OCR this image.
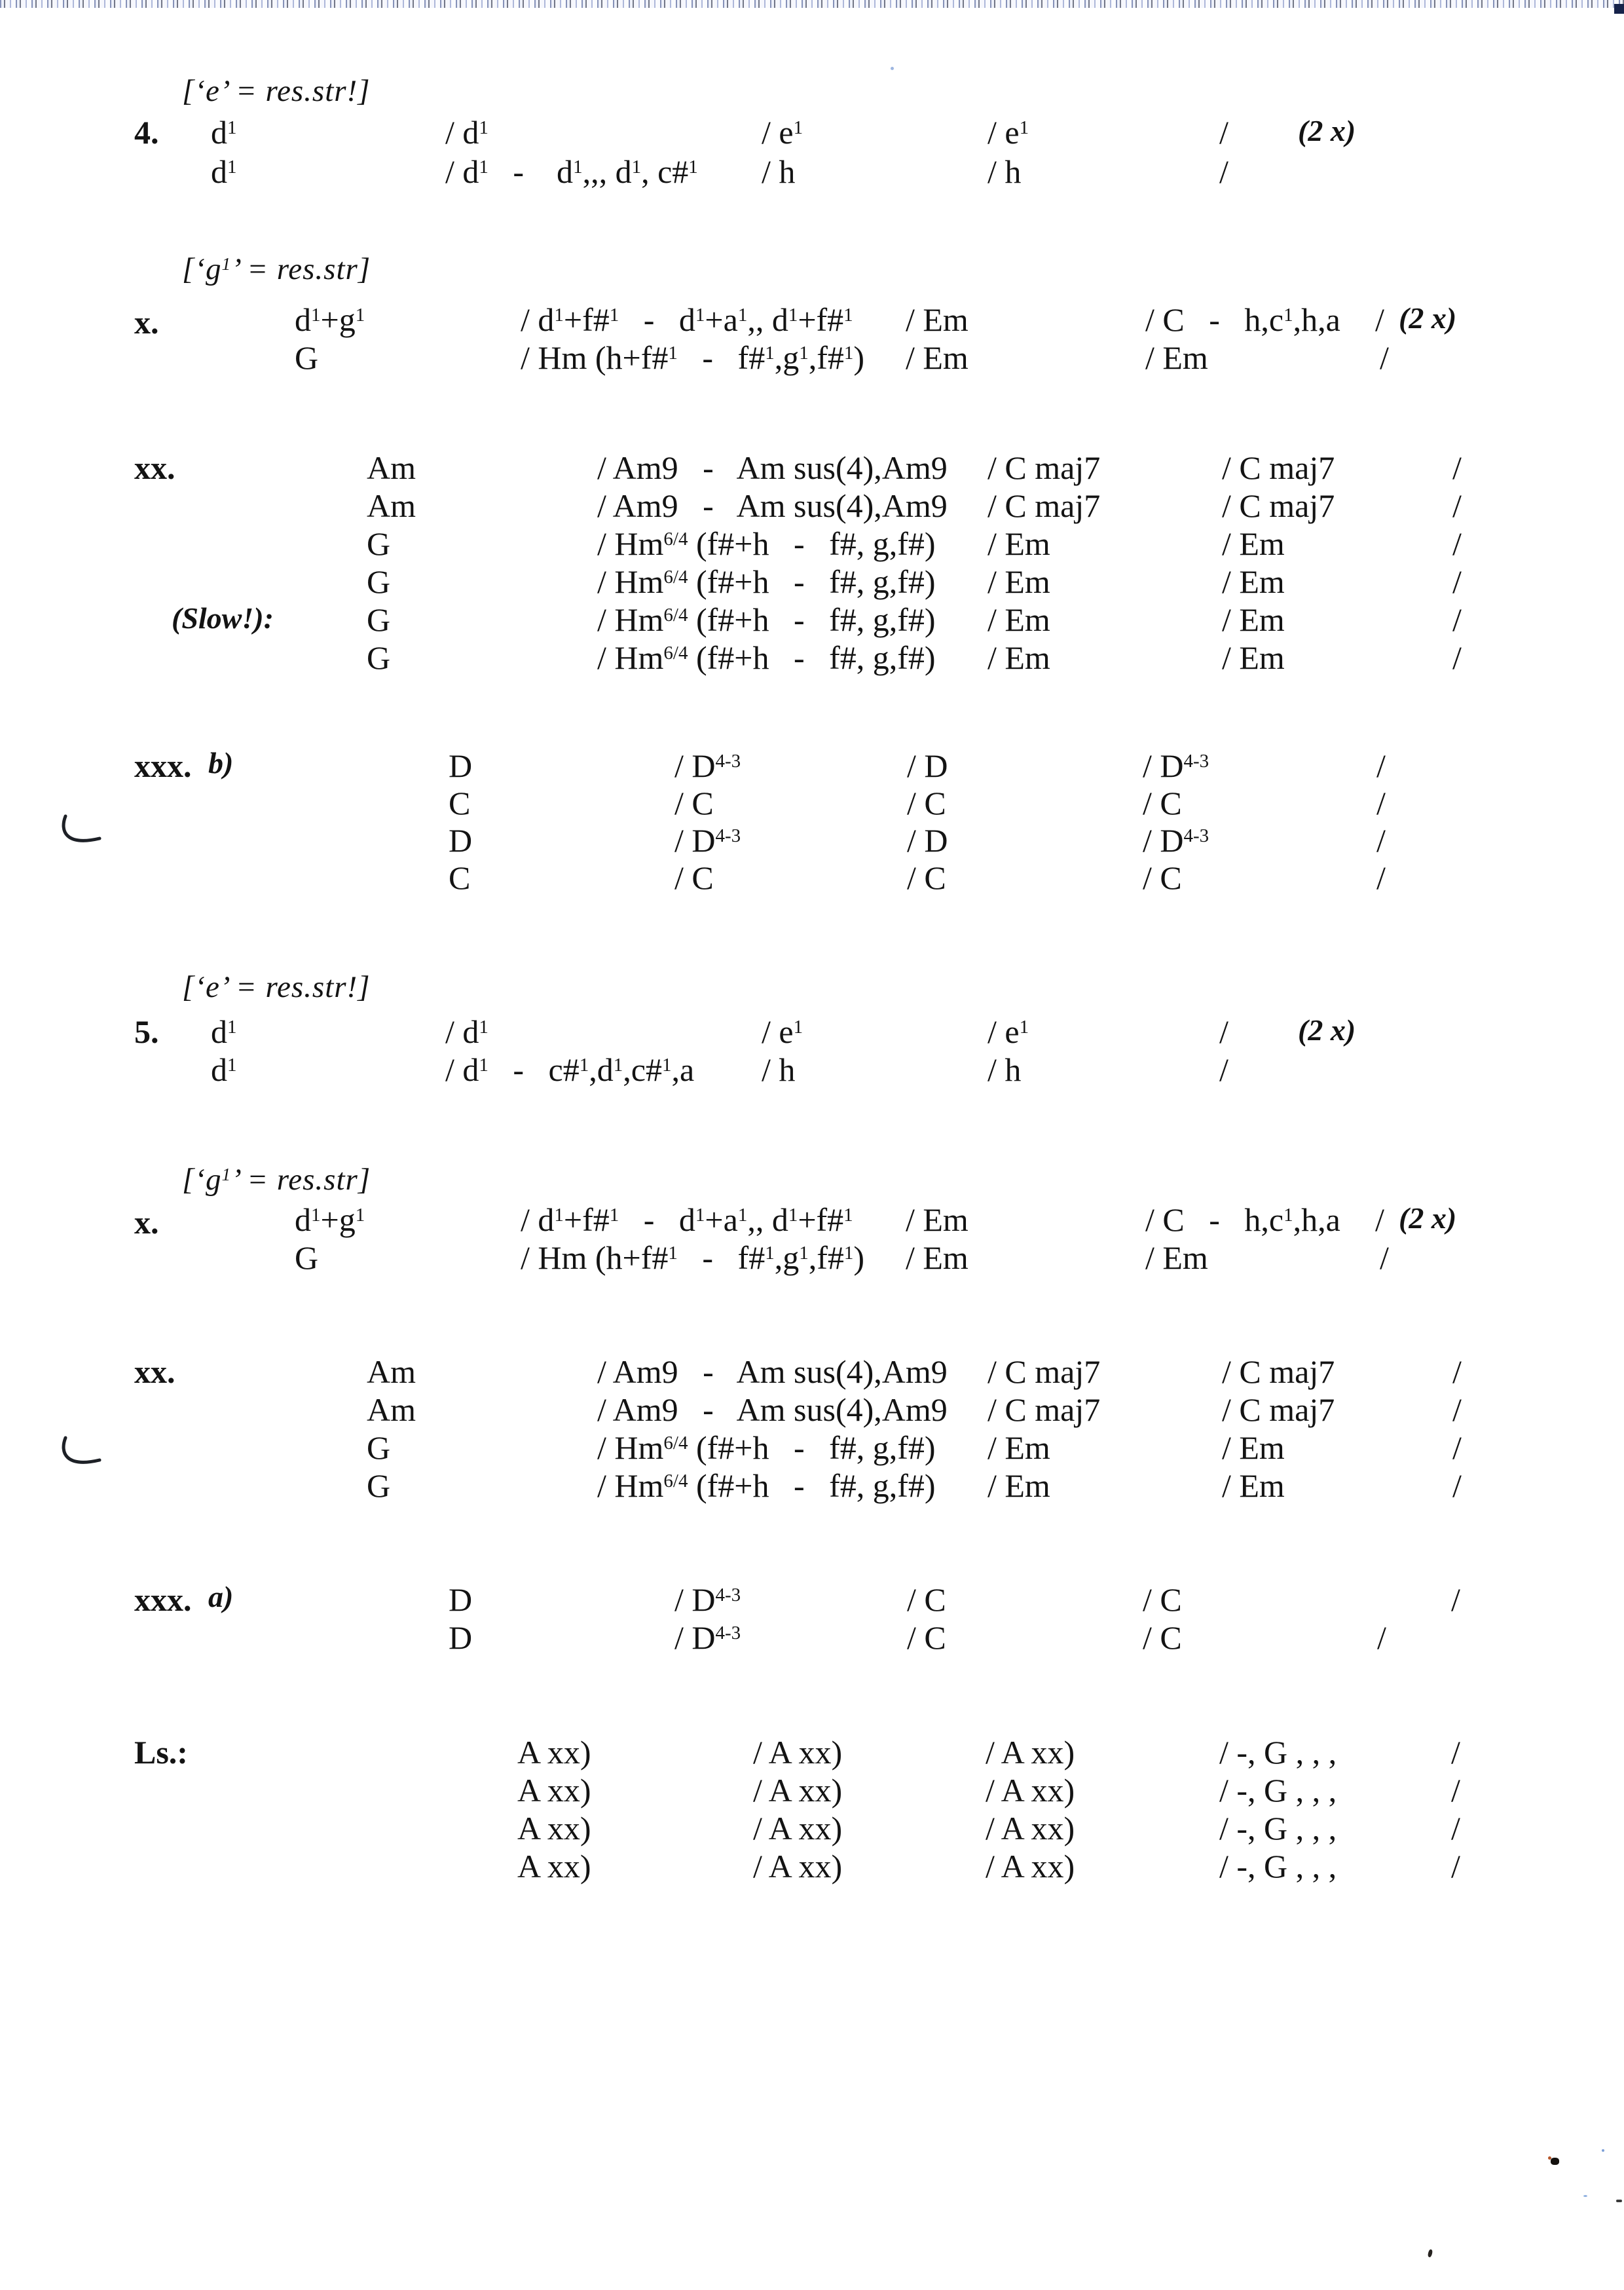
[‘e’ = res.str!]
4. $d^1$	/ $d^1$	/ $e^1$	/ $e^1$	/ (2 x)
$d^1$	/ $d^1$   -    $d^1$,,, $d^1$, c#$^1$ / h	/ h	/
[‘$g^1$’ = res.str]
x.	$d^1+g^1$	/ $d^1+f\#^1 - d^1+a^1$,, $d^1+f\#^1 / Em$	/ C   -   $h,c^1,h,a / (2$ x)
G	/ Hm (h+f#$^1$   -   $f\#^1,g^1,f\#^1$) / Em	/ Em	/
xx.
(Slow!):
Am	/ Am9   -   Am sus(4),Am9 / C maj7	/ C maj7	/
Am	/ Am9   -   Am sus(4),Am9 / C maj7	/ C maj7	/
G	/ $Hm^{6/4}$ (f#+h   -   f#, g,f#) / Em	/ Em	/
G	/ $Hm^{6/4}$ (f#+h   -   f#, g,f#) / Em	/ Em	/
G	/ $Hm^{6/4}$ (f#+h   -   f#, g,f#) / Em	/ Em	/
G	/ $Hm^{6/4}$ (f#+h   -   f#, g,f#) / Em	/ Em	/
xxx. b)	D	/ $D^{4-3}$	/ D	/ $D^{4-3}$	/
C	/ C	/ C	/ C	/
D	/ $D^{4-3}$	/ D	/ $D^{4-3}$	/
C	/ C	/ C	/ C	/
[‘e’ = res.str!]
5. $d^1$	/ $d^1$	/ $e^1$	/ $e^1$	/ (2 x)
$d^1$	/ $d^1$   -   $c\#^1,d^1,c\#^1,a$ / h	/ h	/
[‘$g^1$’ = res.str]
x.	$d^1+g^1$	/ $d^1+f\#^1 - d^1+a^1$,, $d^1+f\#^1 / Em$	/ C   -   $h,c^1,h,a / (2$ x)
G	/ Hm (h+f#$^1$   -   $f\#^1,g^1,f\#^1$) / Em	/ Em	/
xx.	Am	/ Am9   -   Am sus(4),Am9 / C maj7	/ C maj7	/
Am	/ Am9   -   Am sus(4),Am9 / C maj7	/ C maj7	/
G	/ $Hm^{6/4}$ (f#+h   -   f#, g,f#) / Em	/ Em	/
G	/ $Hm^{6/4}$ (f#+h   -   f#, g,f#) / Em	/ Em	/
xxx. a)	D	/ $D^{4-3}$	/ C	/ C	/
D	/ $D^{4-3}$	/ C	/ C	/
Ls.:	A xx)	/ A xx)	/ A xx)	/ -, G , , ,	/
A xx)	/ A xx)	/ A xx)	/ -, G , , ,	/
A xx)	/ A xx)	/ A xx)	/ -, G , , ,	/
A xx)	/ A xx)	/ A xx)	/ -, G , , ,	/
